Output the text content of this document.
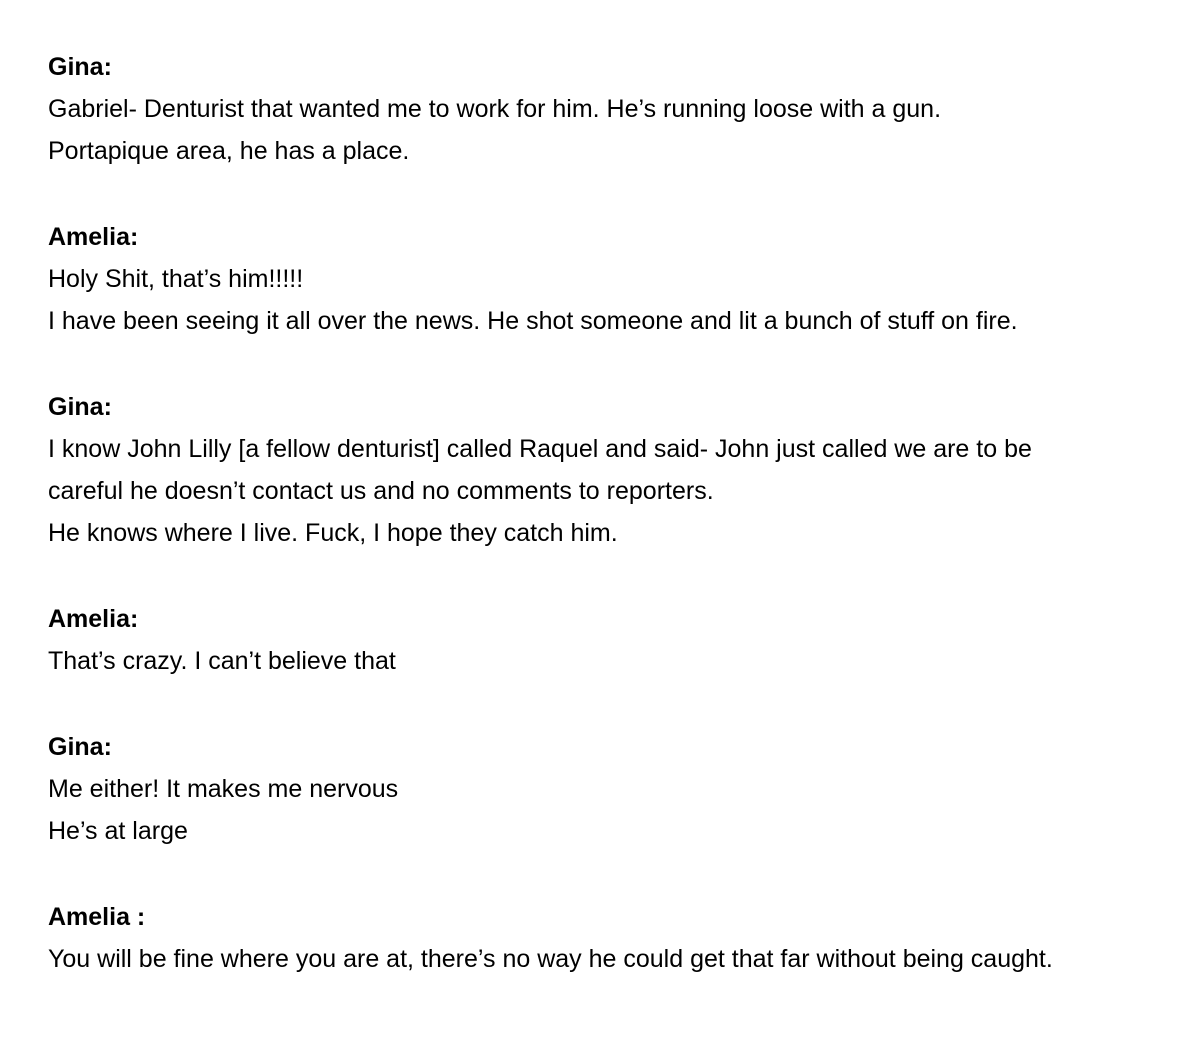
Gina:
Gabriel- Denturist that wanted me to work for him. He’s running loose with a gun.
Portapique area, he has a place.
Amelia:
Holy Shit, that’s him!!!!!
I have been seeing it all over the news. He shot someone and lit a bunch of stuff on fire.
Gina:
I know John Lilly [a fellow denturist] called Raquel and said- John just called we are to be careful he doesn’t contact us and no comments to reporters.
He knows where I live. Fuck, I hope they catch him.
Amelia:
That’s crazy. I can’t believe that
Gina:
Me either! It makes me nervous
He’s at large
Amelia :
You will be fine where you are at, there’s no way he could get that far without being caught.
